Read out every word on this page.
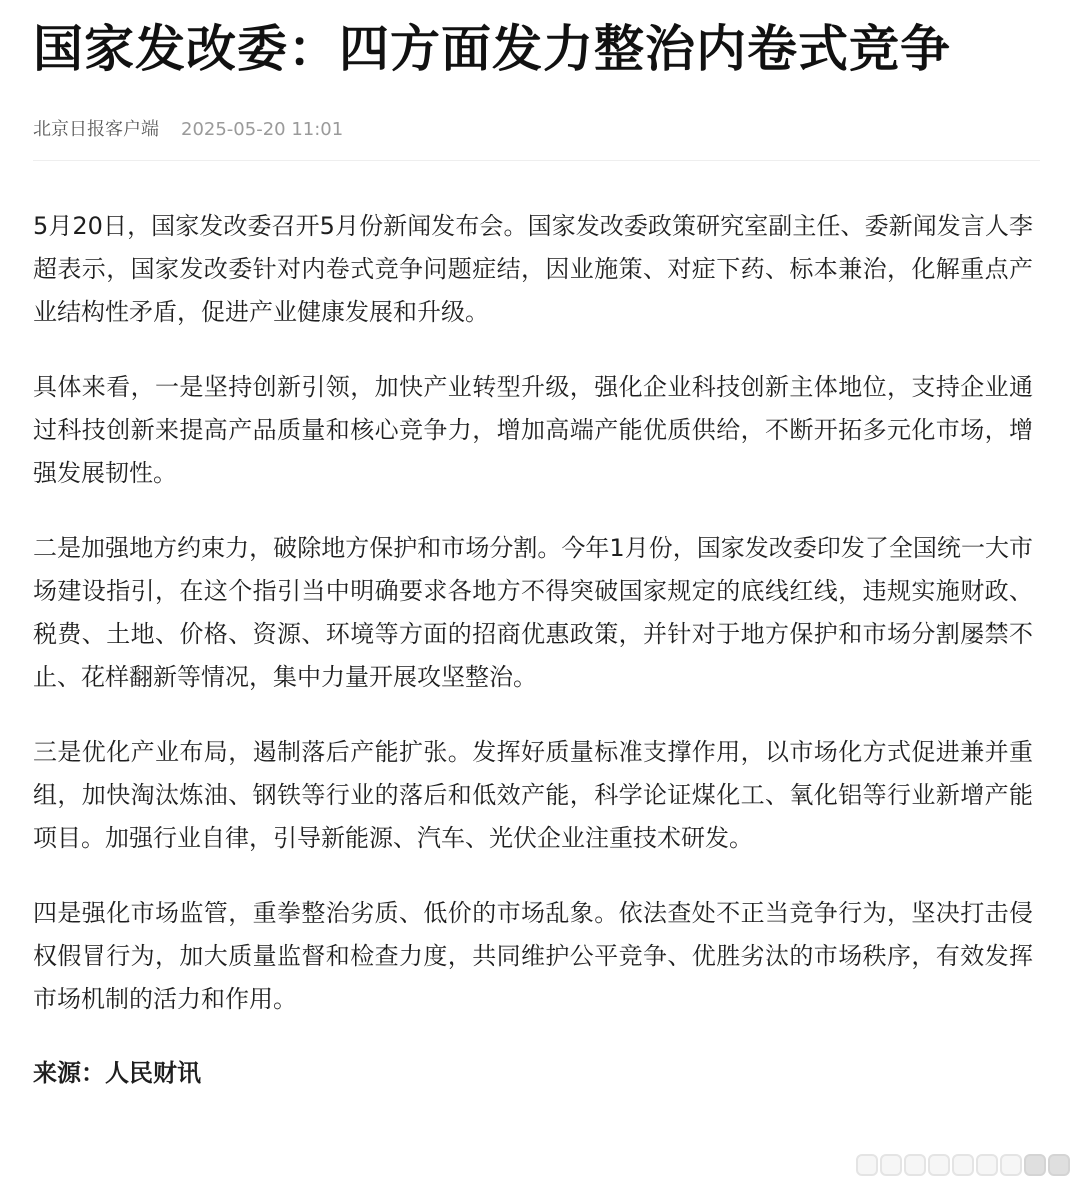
国家发改委：四方面发力整治内卷式竞争
北京日报客户端 2025-05-20 11:01

5月20日，国家发改委召开5月份新闻发布会。国家发改委政策研究室副主任、委新闻发言人李超表示，国家发改委针对内卷式竞争问题症结，因业施策、对症下药、标本兼治，化解重点产业结构性矛盾，促进产业健康发展和升级。

具体来看，一是坚持创新引领，加快产业转型升级，强化企业科技创新主体地位，支持企业通过科技创新来提高产品质量和核心竞争力，增加高端产能优质供给，不断开拓多元化市场，增强发展韧性。

二是加强地方约束力，破除地方保护和市场分割。今年1月份，国家发改委印发了全国统一大市场建设指引，在这个指引当中明确要求各地方不得突破国家规定的底线红线，违规实施财政、税费、土地、价格、资源、环境等方面的招商优惠政策，并针对于地方保护和市场分割屡禁不止、花样翻新等情况，集中力量开展攻坚整治。

三是优化产业布局，遏制落后产能扩张。发挥好质量标准支撑作用，以市场化方式促进兼并重组，加快淘汰炼油、钢铁等行业的落后和低效产能，科学论证煤化工、氧化铝等行业新增产能项目。加强行业自律，引导新能源、汽车、光伏企业注重技术研发。

四是强化市场监管，重拳整治劣质、低价的市场乱象。依法查处不正当竞争行为，坚决打击侵权假冒行为，加大质量监督和检查力度，共同维护公平竞争、优胜劣汰的市场秩序，有效发挥市场机制的活力和作用。

来源：人民财讯
